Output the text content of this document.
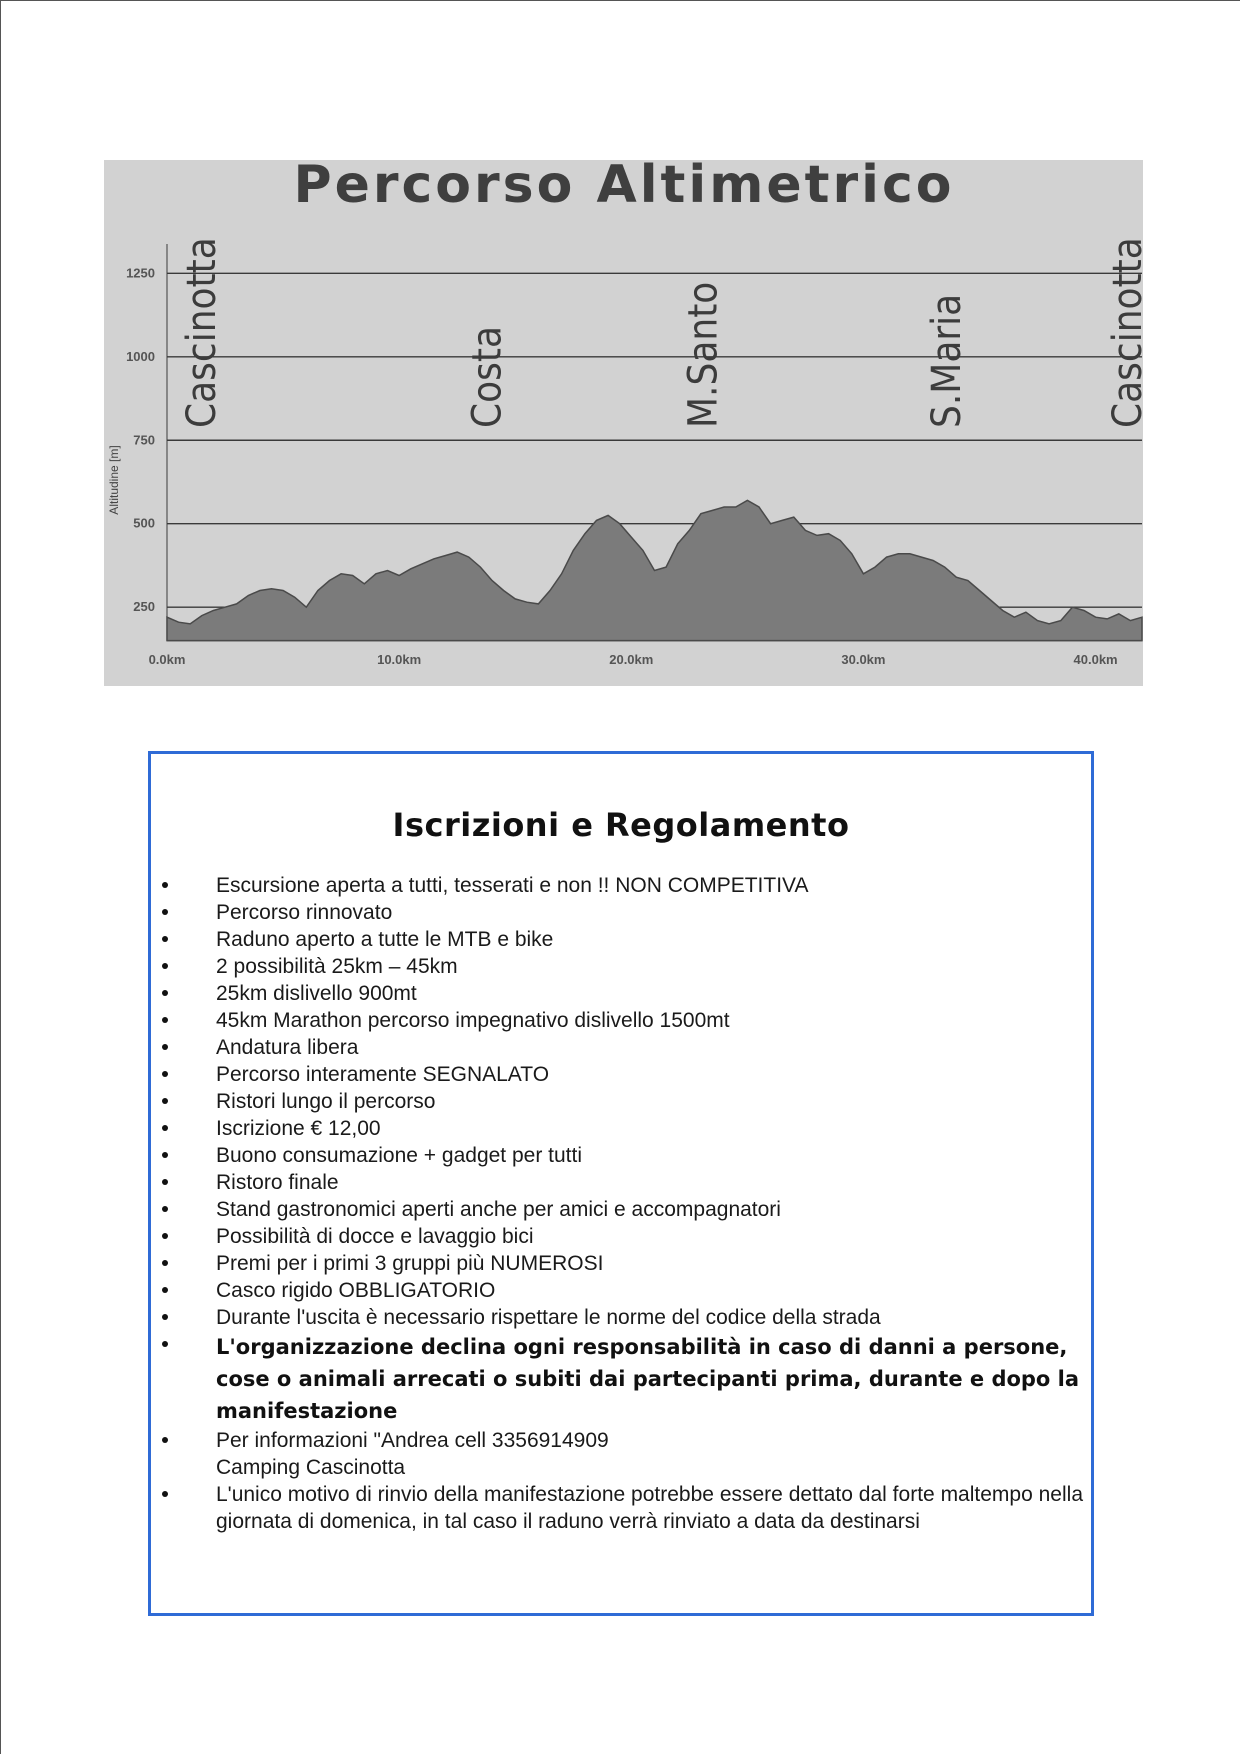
Percorso Altimetrico
Altitudine [m]
Cascinotta	Costa	M.Santo	S.Maria	Cascinotta
250
500
750
1000
1250
0.0km	10.0km	20.0km	30.0km	40.0km
Iscrizioni e Regolamento
Escursione aperta a tutti, tesserati e non !! NON COMPETITIVA
Percorso rinnovato
Raduno aperto a tutte le MTB e bike
2 possibilità 25km – 45km
25km dislivello 900mt
45km Marathon percorso impegnativo dislivello 1500mt
Andatura libera
Percorso interamente SEGNALATO
Ristori lungo il percorso
Iscrizione € 12,00
Buono consumazione + gadget per tutti
Ristoro finale
Stand gastronomici aperti anche per amici e accompagnatori
Possibilità di docce e lavaggio bici
Premi per i primi 3 gruppi più NUMEROSI
Casco rigido OBBLIGATORIO
Durante l'uscita è necessario rispettare le norme del codice della strada
L'organizzazione declina ogni responsabilità in caso di danni a persone, cose o animali arrecati o subiti dai partecipanti prima, durante e dopo la manifestazione
Per informazioni "Andrea cell 3356914909
Camping Cascinotta
L'unico motivo di rinvio della manifestazione potrebbe essere dettato dal forte maltempo nella giornata di domenica, in tal caso il raduno verrà rinviato a data da destinarsi
